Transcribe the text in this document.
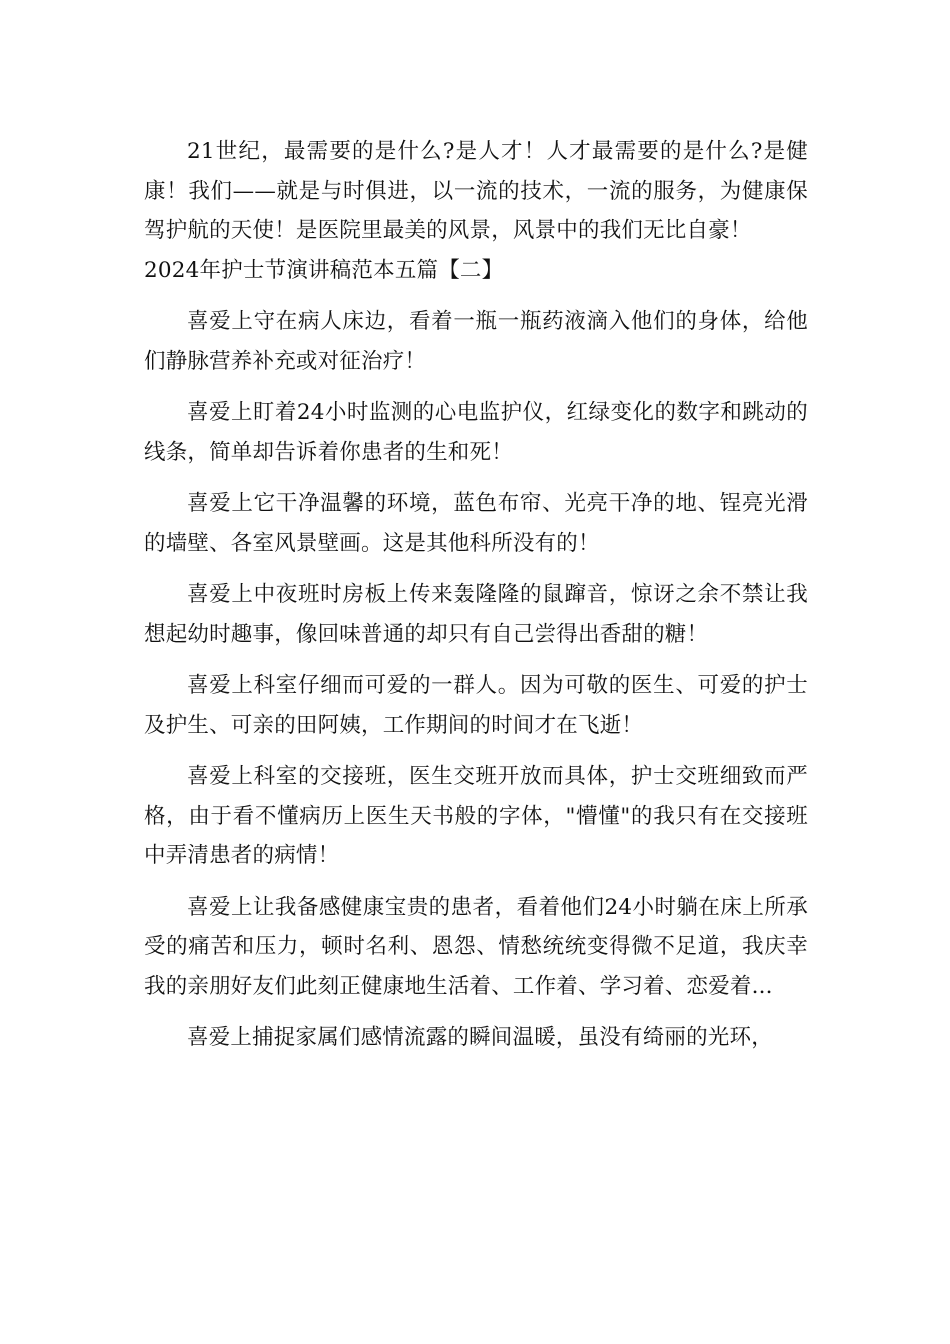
21世纪，最需要的是什么?是人才！人才最需要的是什么?是健康！我们——就是与时俱进，以一流的技术，一流的服务，为健康保驾护航的天使！是医院里最美的风景，风景中的我们无比自豪！

2024年护士节演讲稿范本五篇【二】

喜爱上守在病人床边，看着一瓶一瓶药液滴入他们的身体，给他们静脉营养补充或对征治疗！

喜爱上盯着24小时监测的心电监护仪，红绿变化的数字和跳动的线条，简单却告诉着你患者的生和死！

喜爱上它干净温馨的环境，蓝色布帘、光亮干净的地、锃亮光滑的墙壁、各室风景壁画。这是其他科所没有的！

喜爱上中夜班时房板上传来轰隆隆的鼠蹿音，惊讶之余不禁让我想起幼时趣事，像回味普通的却只有自己尝得出香甜的糖！

喜爱上科室仔细而可爱的一群人。因为可敬的医生、可爱的护士及护生、可亲的田阿姨，工作期间的时间才在飞逝！

喜爱上科室的交接班，医生交班开放而具体，护士交班细致而严格，由于看不懂病历上医生天书般的字体，"懵懂"的我只有在交接班中弄清患者的病情！

喜爱上让我备感健康宝贵的患者，看着他们24小时躺在床上所承受的痛苦和压力，顿时名利、恩怨、情愁统统变得微不足道，我庆幸我的亲朋好友们此刻正健康地生活着、工作着、学习着、恋爱着...

喜爱上捕捉家属们感情流露的瞬间温暖，虽没有绮丽的光环，
